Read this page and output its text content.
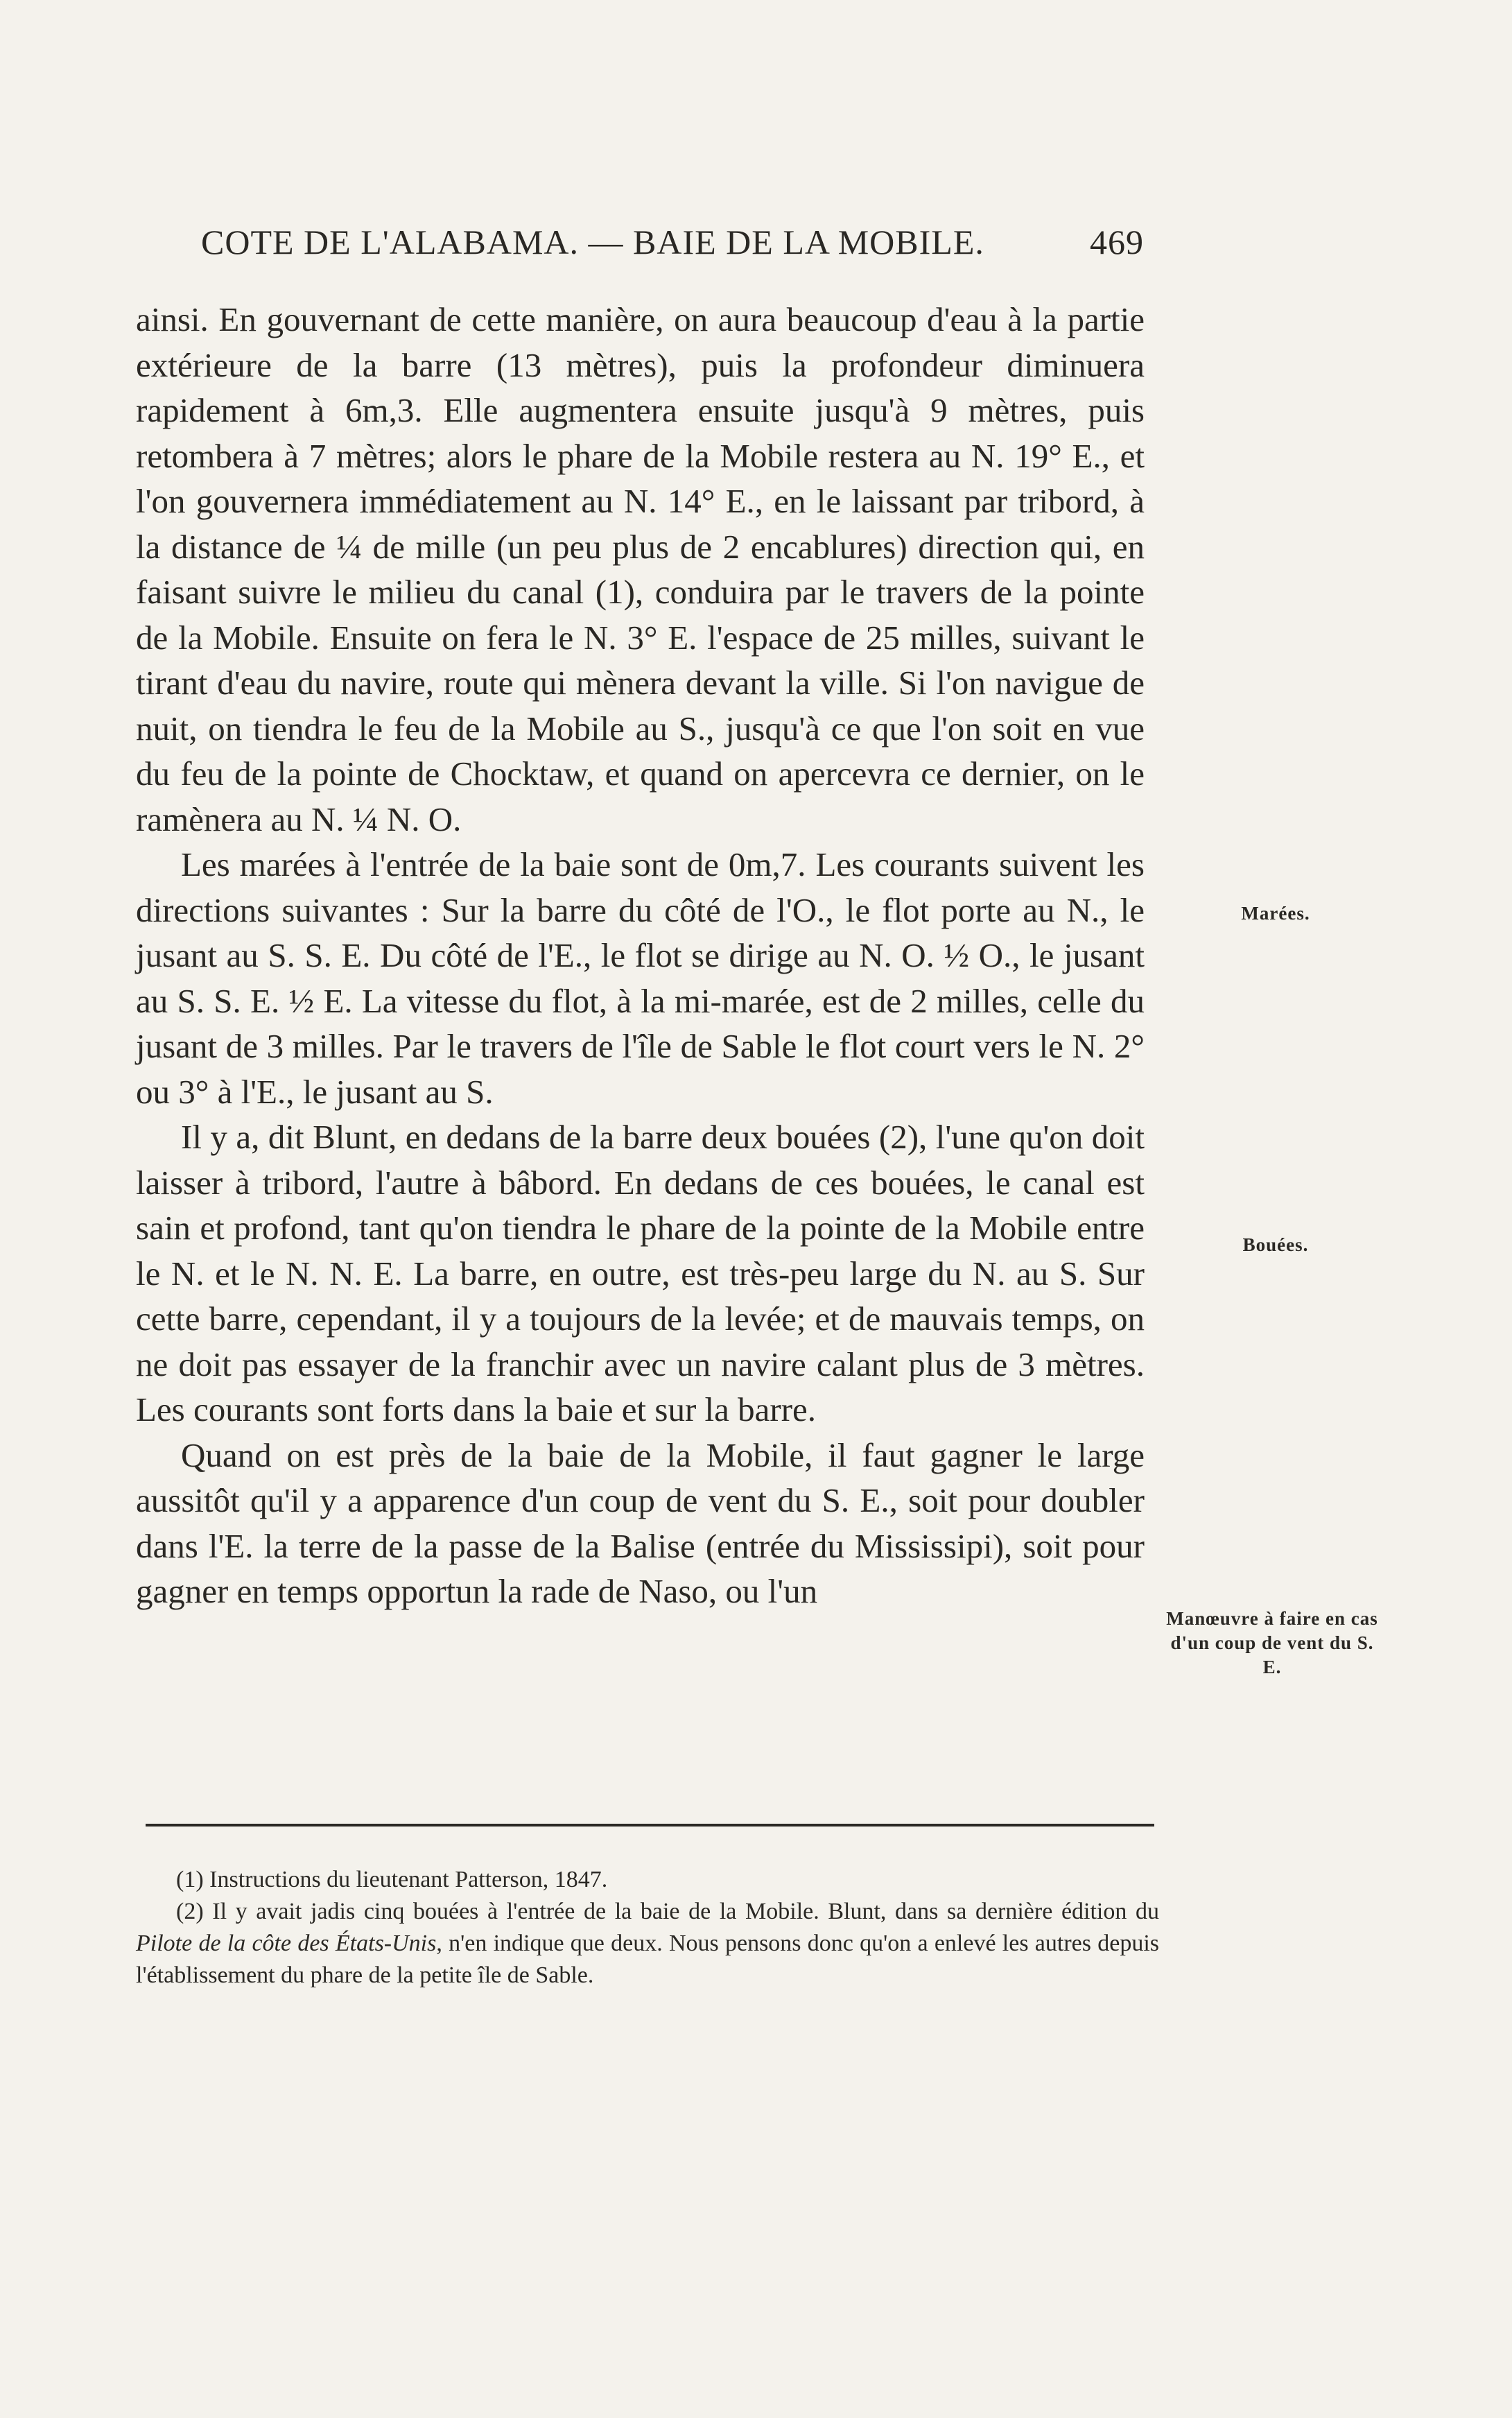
COTE DE L'ALABAMA. — BAIE DE LA MOBILE.	469

ainsi. En gouvernant de cette manière, on aura beaucoup d'eau à la partie extérieure de la barre (13 mètres), puis la profondeur diminuera rapidement à 6m,3. Elle augmentera ensuite jusqu'à 9 mètres, puis retombera à 7 mètres; alors le phare de la Mobile restera au N. 19° E., et l'on gouvernera immédiatement au N. 14° E., en le laissant par tribord, à la distance de ¼ de mille (un peu plus de 2 encablures) direction qui, en faisant suivre le milieu du canal (1), conduira par le travers de la pointe de la Mobile. Ensuite on fera le N. 3° E. l'espace de 25 milles, suivant le tirant d'eau du navire, route qui mènera devant la ville. Si l'on navigue de nuit, on tiendra le feu de la Mobile au S., jusqu'à ce que l'on soit en vue du feu de la pointe de Chocktaw, et quand on apercevra ce dernier, on le ramènera au N. ¼ N. O.

Les marées à l'entrée de la baie sont de 0m,7. Les courants suivent les directions suivantes : Sur la barre du côté de l'O., le flot porte au N., le jusant au S. S. E. Du côté de l'E., le flot se dirige au N. O. ½ O., le jusant au S. S. E. ½ E. La vitesse du flot, à la mi-marée, est de 2 milles, celle du jusant de 3 milles. Par le travers de l'île de Sable le flot court vers le N. 2° ou 3° à l'E., le jusant au S.

Il y a, dit Blunt, en dedans de la barre deux bouées (2), l'une qu'on doit laisser à tribord, l'autre à bâbord. En dedans de ces bouées, le canal est sain et profond, tant qu'on tiendra le phare de la pointe de la Mobile entre le N. et le N. N. E. La barre, en outre, est très-peu large du N. au S. Sur cette barre, cependant, il y a toujours de la levée; et de mauvais temps, on ne doit pas essayer de la franchir avec un navire calant plus de 3 mètres. Les courants sont forts dans la baie et sur la barre.

Quand on est près de la baie de la Mobile, il faut gagner le large aussitôt qu'il y a apparence d'un coup de vent du S. E., soit pour doubler dans l'E. la terre de la passe de la Balise (entrée du Mississipi), soit pour gagner en temps opportun la rade de Naso, ou l'un

Marées.
Bouées.
Manœuvre à faire en cas d'un coup de vent du S. E.

(1) Instructions du lieutenant Patterson, 1847.

(2) Il y avait jadis cinq bouées à l'entrée de la baie de la Mobile. Blunt, dans sa dernière édition du Pilote de la côte des États-Unis, n'en indique que deux. Nous pensons donc qu'on a enlevé les autres depuis l'établissement du phare de la petite île de Sable.
